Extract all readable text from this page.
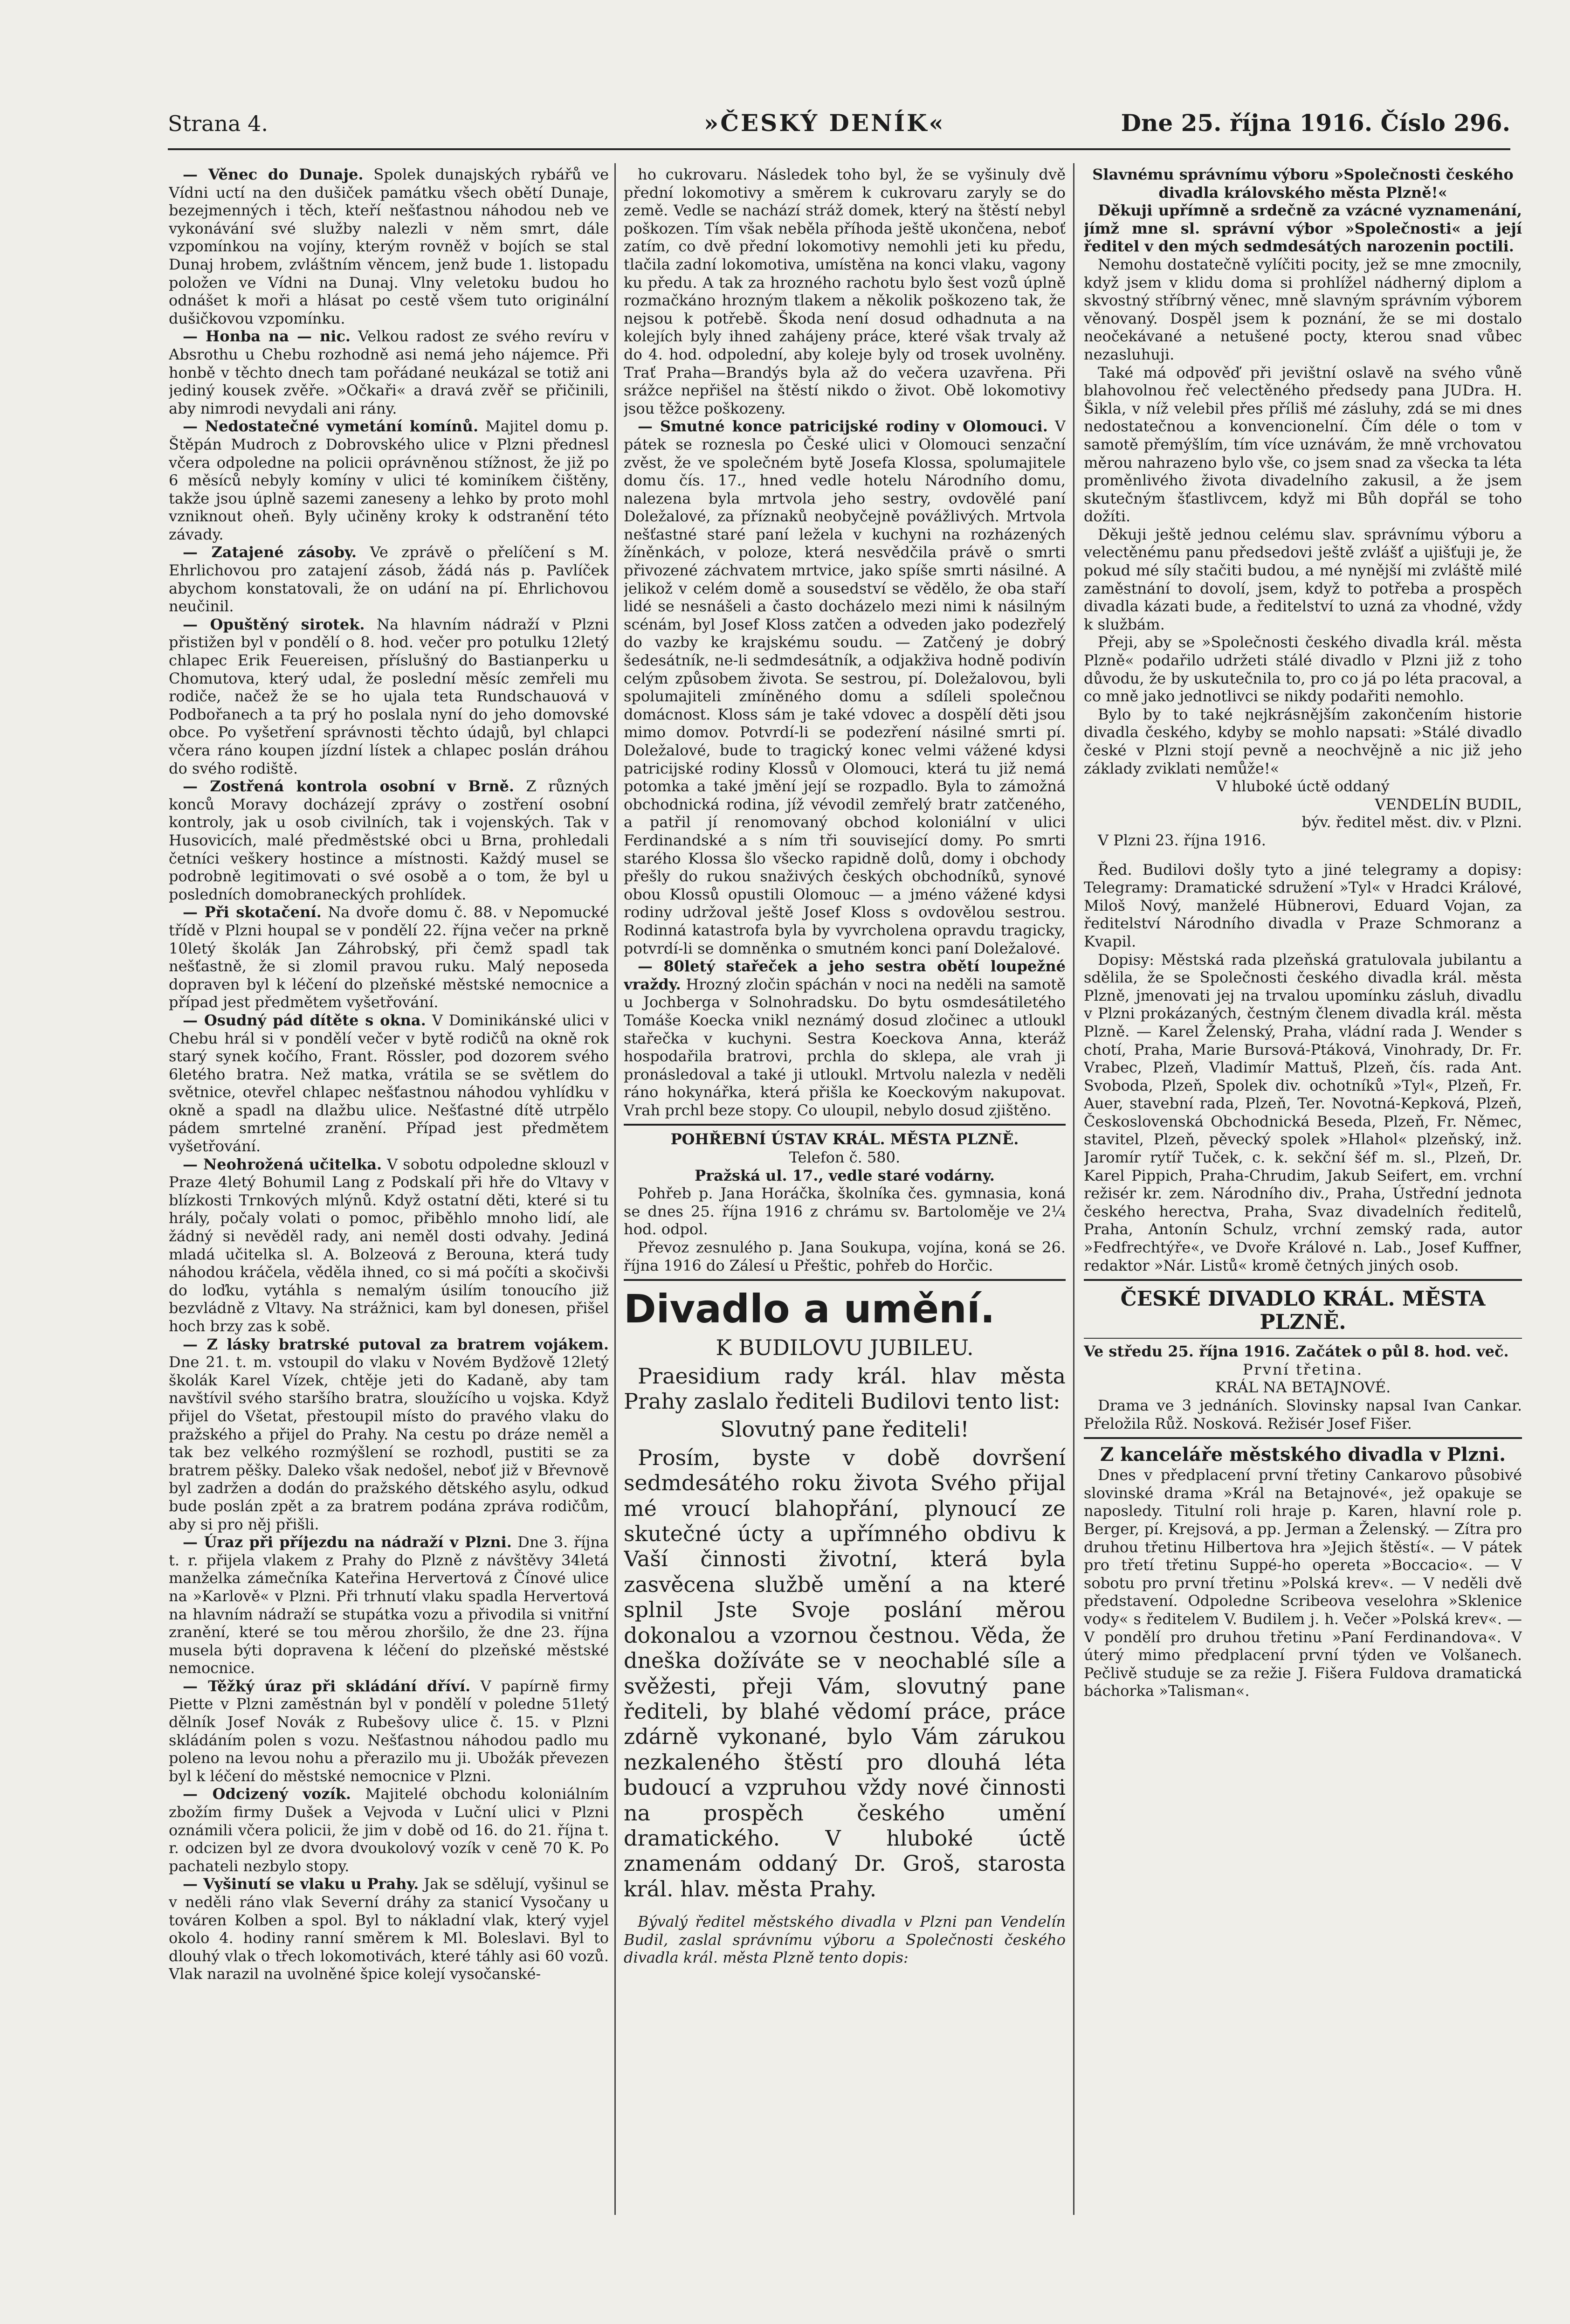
Strana 4.	»ČESKÝ DENÍK«	Dne 25. října 1916. Číslo 296.

— Věnec do Dunaje. Spolek dunajských rybářů ve Vídni uctí na den dušiček památku všech obětí Dunaje, bezejmenných i těch, kteří nešťastnou náhodou neb ve vykonávání své služby nalezli v něm smrt, dále vzpomínkou na vojíny, kterým rovněž v bojích se stal Dunaj hrobem, zvláštním věncem, jenž bude 1. listopadu položen ve Vídni na Dunaj. Vlny veletoku budou ho odnášet k moři a hlásat po cestě všem tuto originální dušičkovou vzpomínku.

— Honba na — nic. Velkou radost ze svého revíru v Absrothu u Chebu rozhodně asi nemá jeho nájemce. Při honbě v těchto dnech tam pořádané neukázal se totiž ani jediný kousek zvěře. »Očkaři« a dravá zvěř se přičinili, aby nimrodi nevydali ani rány.

— Nedostatečné vymetání komínů. Majitel domu p. Štěpán Mudroch z Dobrovského ulice v Plzni přednesl včera odpoledne na policii oprávněnou stížnost, že již po 6 měsíců nebyly komíny v ulici té kominíkem čištěny, takže jsou úplně sazemi zaneseny a lehko by proto mohl vzniknout oheň. Byly učiněny kroky k odstranění této závady.

— Zatajené zásoby. Ve zprávě o přelíčení s M. Ehrlichovou pro zatajení zásob, žádá nás p. Pavlíček abychom konstatovali, že on udání na pí. Ehrlichovou neučinil.

— Opuštěný sirotek. Na hlavním nádraží v Plzni přistižen byl v pondělí o 8. hod. večer pro potulku 12letý chlapec Erik Feuereisen, příslušný do Bastianperku u Chomutova, který udal, že poslední měsíc zemřeli mu rodiče, načež že se ho ujala teta Rundschauová v Podbořanech a ta prý ho poslala nyní do jeho domovské obce. Po vyšetření správnosti těchto údajů, byl chlapci včera ráno koupen jízdní lístek a chlapec poslán dráhou do svého rodiště.

— Zostřená kontrola osobní v Brně. Z různých konců Moravy docházejí zprávy o zostření osobní kontroly, jak u osob civilních, tak i vojenských. Tak v Husovicích, malé předměstské obci u Brna, prohledali četníci veškery hostince a místnosti. Každý musel se podrobně legitimovati o své osobě a o tom, že byl u posledních domobraneckých prohlídek.

— Při skotačení. Na dvoře domu č. 88. v Nepomucké třídě v Plzni houpal se v pondělí 22. října večer na prkně 10letý školák Jan Záhrobský, při čemž spadl tak nešťastně, že si zlomil pravou ruku. Malý neposeda dopraven byl k léčení do plzeňské městské nemocnice a případ jest předmětem vyšetřování.

— Osudný pád dítěte s okna. V Dominikánské ulici v Chebu hrál si v pondělí večer v bytě rodičů na okně rok starý synek kočího, Frant. Rössler, pod dozorem svého 6letého bratra. Než matka, vrátila se se světlem do světnice, otevřel chlapec nešťastnou náhodou vyhlídku v okně a spadl na dlažbu ulice. Nešťastné dítě utrpělo pádem smrtelné zranění. Případ jest předmětem vyšetřování.

— Neohrožená učitelka. V sobotu odpoledne sklouzl v Praze 4letý Bohumil Lang z Podskalí při hře do Vltavy v blízkosti Trnkových mlýnů. Když ostatní děti, které si tu hrály, počaly volati o pomoc, přiběhlo mnoho lidí, ale žádný si nevěděl rady, ani neměl dosti odvahy. Jediná mladá učitelka sl. A. Bolzeová z Berouna, která tudy náhodou kráčela, věděla ihned, co si má počíti a skočivši do loďku, vytáhla s nemalým úsilím tonoucího již bezvládně z Vltavy. Na strážnici, kam byl donesen, přišel hoch brzy zas k sobě.

— Z lásky bratrské putoval za bratrem vojákem. Dne 21. t. m. vstoupil do vlaku v Novém Bydžově 12letý školák Karel Vízek, chtěje jeti do Kadaně, aby tam navštívil svého staršího bratra, sloužícího u vojska. Když přijel do Všetat, přestoupil místo do pravého vlaku do pražského a přijel do Prahy. Na cestu po dráze neměl a tak bez velkého rozmýšlení se rozhodl, pustiti se za bratrem pěšky. Daleko však nedošel, neboť již v Břevnově byl zadržen a dodán do pražského dětského asylu, odkud bude poslán zpět a za bratrem podána zpráva rodičům, aby si pro něj přišli.

— Úraz při příjezdu na nádraží v Plzni. Dne 3. října t. r. přijela vlakem z Prahy do Plzně z návštěvy 34letá manželka zámečníka Kateřina Hervertová z Čínové ulice na »Karlově« v Plzni. Při trhnutí vlaku spadla Hervertová na hlavním nádraží se stupátka vozu a přivodila si vnitřní zranění, které se tou měrou zhoršilo, že dne 23. října musela býti dopravena k léčení do plzeňské městské nemocnice.

— Těžký úraz při skládání dříví. V papírně firmy Piette v Plzni zaměstnán byl v pondělí v poledne 51letý dělník Josef Novák z Rubešovy ulice č. 15. v Plzni skládáním polen s vozu. Nešťastnou náhodou padlo mu poleno na levou nohu a přerazilo mu ji. Ubožák převezen byl k léčení do městské nemocnice v Plzni.

— Odcizený vozík. Majitelé obchodu koloniálním zbožím firmy Dušek a Vejvoda v Luční ulici v Plzni oznámili včera policii, že jim v době od 16. do 21. října t. r. odcizen byl ze dvora dvoukolový vozík v ceně 70 K. Po pachateli nezbylo stopy.

— Vyšinutí se vlaku u Prahy. Jak se sdělují, vyšinul se v neděli ráno vlak Severní dráhy za stanicí Vysočany u továren Kolben a spol. Byl to nákladní vlak, který vyjel okolo 4. hodiny ranní směrem k Ml. Boleslavi. Byl to dlouhý vlak o třech lokomotivách, které táhly asi 60 vozů. Vlak narazil na uvolněné špice kolejí vysočanské-

ho cukrovaru. Následek toho byl, že se vyšinuly dvě přední lokomotivy a směrem k cukrovaru zaryly se do země. Vedle se nachází stráž domek, který na štěstí nebyl poškozen. Tím však neběla příhoda ještě ukončena, neboť zatím, co dvě přední lokomotivy nemohli jeti ku předu, tlačila zadní lokomotiva, umístěna na konci vlaku, vagony ku předu. A tak za hrozného rachotu bylo šest vozů úplně rozmačkáno hrozným tlakem a několik poškozeno tak, že nejsou k potřebě. Škoda není dosud odhadnuta a na kolejích byly ihned zahájeny práce, které však trvaly až do 4. hod. odpolední, aby koleje byly od trosek uvolněny. Trať Praha—Brandýs byla až do večera uzavřena. Při srážce nepřišel na štěstí nikdo o život. Obě lokomotivy jsou těžce poškozeny.

— Smutné konce patricijské rodiny v Olomouci. V pátek se roznesla po České ulici v Olomouci senzační zvěst, že ve společném bytě Josefa Klossa, spolumajitele domu čís. 17., hned vedle hotelu Národního domu, nalezena byla mrtvola jeho sestry, ovdovělé paní Doležalové, za příznaků neobyčejně povážlivých. Mrtvola nešťastné staré paní ležela v kuchyni na rozházených žíněnkách, v poloze, která nesvědčila právě o smrti přivozené záchvatem mrtvice, jako spíše smrti násilné. A jelikož v celém domě a sousedství se vědělo, že oba staří lidé se nesnášeli a často docházelo mezi nimi k násilným scénám, byl Josef Kloss zatčen a odveden jako podezřelý do vazby ke krajskému soudu. — Zatčený je dobrý šedesátník, ne-li sedmdesátník, a odjakživa hodně podivín celým způsobem života. Se sestrou, pí. Doležalovou, byli spolumajiteli zmíněného domu a sdíleli společnou domácnost. Kloss sám je také vdovec a dospělí děti jsou mimo domov. Potvrdí-li se podezření násilné smrti pí. Doležalové, bude to tragický konec velmi vážené kdysi patricijské rodiny Klossů v Olomouci, která tu již nemá potomka a také jmění její se rozpadlo. Byla to zámožná obchodnická rodina, jíž vévodil zemřelý bratr zatčeného, a patřil jí renomovaný obchod koloniální v ulici Ferdinandské a s ním tři související domy. Po smrti starého Klossa šlo všecko rapidně dolů, domy i obchody přešly do rukou snaživých českých obchodníků, synové obou Klossů opustili Olomouc — a jméno vážené kdysi rodiny udržoval ještě Josef Kloss s ovdovělou sestrou. Rodinná katastrofa byla by vyvrcholena opravdu tragicky, potvrdí-li se domněnka o smutném konci paní Doležalové.

— 80letý stařeček a jeho sestra obětí loupežné vraždy. Hrozný zločin spáchán v noci na neděli na samotě u Jochberga v Solnohradsku. Do bytu osmdesátiletého Tomáše Koecka vnikl neznámý dosud zločinec a utloukl stařečka v kuchyni. Sestra Koeckova Anna, kteráž hospodařila bratrovi, prchla do sklepa, ale vrah ji pronásledoval a také ji utloukl. Mrtvolu nalezla v neděli ráno hokynářka, která přišla ke Koeckovým nakupovat. Vrah prchl beze stopy. Co uloupil, nebylo dosud zjištěno.

POHŘEBNÍ ÚSTAV KRÁL. MĚSTA PLZNĚ.

Telefon č. 580.

Pražská ul. 17., vedle staré vodárny.

Pohřeb p. Jana Horáčka, školníka čes. gymnasia, koná se dnes 25. října 1916 z chrámu sv. Bartoloměje ve 2¼ hod. odpol.

Převoz zesnulého p. Jana Soukupa, vojína, koná se 26. října 1916 do Zálesí u Přeštic, pohřeb do Horčic.

Divadlo a umění.

K BUDILOVU JUBILEU.

Praesidium rady král. hlav města Prahy zaslalo řediteli Budilovi tento list:

Slovutný pane řediteli!

Prosím, byste v době dovršení sedmdesátého roku života Svého přijal mé vroucí blahopřání, plynoucí ze skutečné úcty a upřímného obdivu k Vaší činnosti životní, která byla zasvěcena službě umění a na které splnil Jste Svoje poslání měrou dokonalou a vzornou čestnou. Věda, že dneška dožíváte se v neochablé síle a svěžesti, přeji Vám, slovutný pane řediteli, by blahé vědomí práce, práce zdárně vykonané, bylo Vám zárukou nezkaleného štěstí pro dlouhá léta budoucí a vzpruhou vždy nové činnosti na prospěch českého umění dramatického. V hluboké úctě znamenám oddaný Dr. Groš, starosta král. hlav. města Prahy.

Bývalý ředitel městského divadla v Plzni pan Vendelín Budil, zaslal správnímu výboru a Společnosti českého divadla král. města Plzně tento dopis:

Slavnému správnímu výboru »Společnosti českého divadla královského města Plzně!«

Děkuji upřímně a srdečně za vzácné vyznamenání, jímž mne sl. správní výbor »Společnosti« a její ředitel v den mých sedmdesátých narozenin poctili.

Nemohu dostatečně vylíčiti pocity, jež se mne zmocnily, když jsem v klidu doma si prohlížel nádherný diplom a skvostný stříbrný věnec, mně slavným správním výborem věnovaný. Dospěl jsem k poznání, že se mi dostalo neočekávané a netušené pocty, kterou snad vůbec nezasluhuji.

Také má odpověď při jevištní oslavě na svého vůně blahovolnou řeč velectěného předsedy pana JUDra. H. Šikla, v níž velebil přes příliš mé zásluhy, zdá se mi dnes nedostatečnou a konvencionelní. Čím déle o tom v samotě přemýšlím, tím více uznávám, že mně vrchovatou měrou nahrazeno bylo vše, co jsem snad za všecka ta léta proměnlivého života divadelního zakusil, a že jsem skutečným šťastlivcem, když mi Bůh dopřál se toho dožíti.

Děkuji ještě jednou celému slav. správnímu výboru a velectěnému panu předsedovi ještě zvlášť a ujišťuji je, že pokud mé síly stačiti budou, a mé nynější mi zvláště milé zaměstnání to dovolí, jsem, když to potřeba a prospěch divadla kázati bude, a ředitelství to uzná za vhodné, vždy k službám.

Přeji, aby se »Společnosti českého divadla král. města Plzně« podařilo udržeti stálé divadlo v Plzni již z toho důvodu, že by uskutečnila to, pro co já po léta pracoval, a co mně jako jednotlivci se nikdy podařiti nemohlo.

Bylo by to také nejkrásnějším zakončením historie divadla českého, kdyby se mohlo napsati: »Stálé divadlo české v Plzni stojí pevně a neochvějně a nic již jeho základy zviklati nemůže!«

V hluboké úctě oddaný

VENDELÍN BUDIL,

býv. ředitel měst. div. v Plzni.

V Plzni 23. října 1916.

Řed. Budilovi došly tyto a jiné telegramy a dopisy: Telegramy: Dramatické sdružení »Tyl« v Hradci Králové, Miloš Nový, manželé Hübnerovi, Eduard Vojan, za ředitelství Národního divadla v Praze Schmoranz a Kvapil.

Dopisy: Městská rada plzeňská gratulovala jubilantu a sdělila, že se Společnosti českého divadla král. města Plzně, jmenovati jej na trvalou upomínku zásluh, divadlu v Plzni prokázaných, čestným členem divadla král. města Plzně. — Karel Želenský, Praha, vládní rada J. Wender s chotí, Praha, Marie Bursová-Ptáková, Vinohrady, Dr. Fr. Vrabec, Plzeň, Vladimír Mattuš, Plzeň, čís. rada Ant. Svoboda, Plzeň, Spolek div. ochotníků »Tyl«, Plzeň, Fr. Auer, stavební rada, Plzeň, Ter. Novotná-Kepková, Plzeň, Československá Obchodnická Beseda, Plzeň, Fr. Němec, stavitel, Plzeň, pěvecký spolek »Hlahol« plzeňský, inž. Jaromír rytíř Tuček, c. k. sekční šéf m. sl., Plzeň, Dr. Karel Pippich, Praha-Chrudim, Jakub Seifert, em. vrchní režisér kr. zem. Národního div., Praha, Ústřední jednota českého herectva, Praha, Svaz divadelních ředitelů, Praha, Antonín Schulz, vrchní zemský rada, autor »Fedfrechtýře«, ve Dvoře Králové n. Lab., Josef Kuffner, redaktor »Nár. Listů« kromě četných jiných osob.

ČESKÉ DIVADLO KRÁL. MĚSTA PLZNĚ.

Ve středu 25. října 1916. Začátek o půl 8. hod. več.

První třetina.

KRÁL NA BETAJNOVÉ.

Drama ve 3 jednáních. Slovinsky napsal Ivan Cankar. Přeložila Růž. Nosková. Režisér Josef Fišer.

Z kanceláře městského divadla v Plzni.

Dnes v předplacení první třetiny Cankarovo působivé slovinské drama »Král na Betajnové«, jež opakuje se naposledy. Titulní roli hraje p. Karen, hlavní role p. Berger, pí. Krejsová, a pp. Jerman a Želenský. — Zítra pro druhou třetinu Hilbertova hra »Jejich štěstí«. — V pátek pro třetí třetinu Suppé-ho opereta »Boccacio«. — V sobotu pro první třetinu »Polská krev«. — V neděli dvě představení. Odpoledne Scribeova veselohra »Sklenice vody« s ředitelem V. Budilem j. h. Večer »Polská krev«. — V pondělí pro druhou třetinu »Paní Ferdinandova«. V úterý mimo předplacení první týden ve Volšanech. Pečlivě studuje se za režie J. Fišera Fuldova dramatická báchorka »Talisman«.
